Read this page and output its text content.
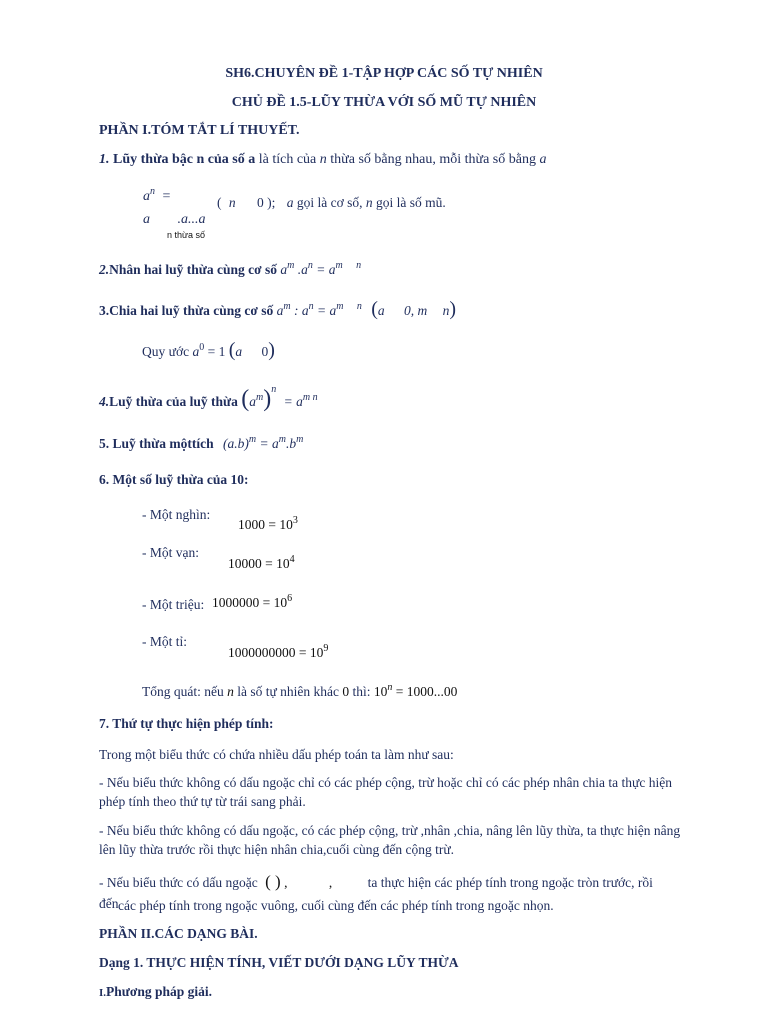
SH6.CHUYÊN ĐỀ 1-TẬP HỢP CÁC SỐ TỰ NHIÊN
CHỦ ĐỀ 1.5-LŨY THỪA VỚI SỐ MŨ TỰ NHIÊN
PHẦN I.TÓM TẮT LÍ THUYẾT.
1. Lũy thừa bậc n của số a là tích của n thừa số bằng nhau, mỗi thừa số bằng a
$a^n$ =
a .a...a
n thừa số
( n 0 ); a gọi là cơ số, n gọi là số mũ.
2.Nhân hai luỹ thừa cùng cơ số $a^m$ $.a^n = a^m$ $^n$
3.Chia hai luỹ thừa cùng cơ số $a^m$ : $a^n = a^m$ $^n$ (a 0, m n)
Quy ước $a^0 = 1$ (a 0)
4.Luỹ thừa của luỹ thừa $(a^m)^n = a^{m n}$
5. Luỹ thừa mộttích $(a.b)^m = a^m.b^m$
6. Một số luỹ thừa của 10:
- Một nghìn:
$1000 = 10^3$
- Một vạn:
$10000 = 10^4$
- Một triệu: $1000000 = 10^6$
- Một tỉ:
$1000000000 = 10^9$
Tổng quát: nếu n là số tự nhiên khác 0 thì: $10^n = 1000...00$
7. Thứ tự thực hiện phép tính:
Trong một biểu thức có chứa nhiều dấu phép toán ta làm như sau:
- Nếu biểu thức không có dấu ngoặc chỉ có các phép cộng, trừ hoặc chỉ có các phép nhân chia ta thực hiện phép tính theo thứ tự từ trái sang phải.
- Nếu biểu thức không có dấu ngoặc, có các phép cộng, trừ ,nhân ,chia, nâng lên lũy thừa, ta thực hiện nâng lên lũy thừa trước rồi thực hiện nhân chia,cuối cùng đến cộng trừ.
- Nếu biểu thức có dấu ngoặc ( ) ,	,	ta thực hiện các phép tính trong ngoặc tròn trước, rồi
đến các phép tính trong ngoặc vuông, cuối cùng đến các phép tính trong ngoặc nhọn.
PHẦN II.CÁC DẠNG BÀI.
Dạng 1. THỰC HIỆN TÍNH, VIẾT DƯỚI DẠNG LŨY THỪA
I.Phương pháp giải.
